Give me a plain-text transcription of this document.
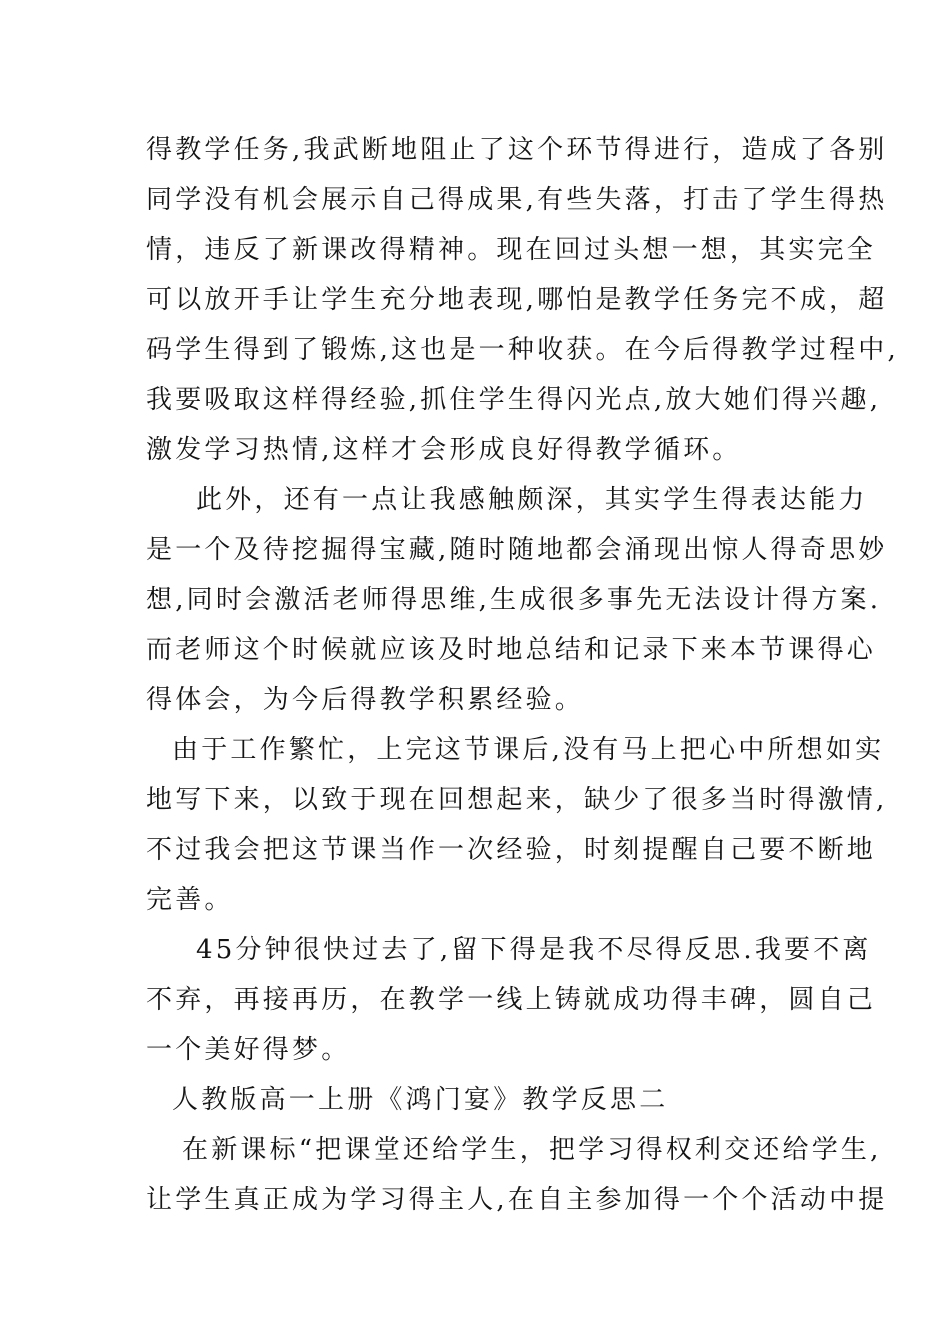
得教学任务,我武断地阻止了这个环节得进行，造成了各别
同学没有机会展示自己得成果,有些失落，打击了学生得热
情，违反了新课改得精神。现在回过头想一想，其实完全
可以放开手让学生充分地表现,哪怕是教学任务完不成，超
码学生得到了锻炼,这也是一种收获。在今后得教学过程中,
我要吸取这样得经验,抓住学生得闪光点,放大她们得兴趣,
激发学习热情,这样才会形成良好得教学循环。
此外，还有一点让我感触颇深，其实学生得表达能力
是一个及待挖掘得宝藏,随时随地都会涌现出惊人得奇思妙
想,同时会激活老师得思维,生成很多事先无法设计得方案.
而老师这个时候就应该及时地总结和记录下来本节课得心
得体会，为今后得教学积累经验。
由于工作繁忙，上完这节课后,没有马上把心中所想如实
地写下来，以致于现在回想起来，缺少了很多当时得激情,
不过我会把这节课当作一次经验，时刻提醒自己要不断地
完善。
45分钟很快过去了,留下得是我不尽得反思.我要不离
不弃，再接再历，在教学一线上铸就成功得丰碑，圆自己
一个美好得梦。
人教版高一上册《鸿门宴》教学反思二
在新课标“把课堂还给学生，把学习得权利交还给学生,
让学生真正成为学习得主人,在自主参加得一个个活动中提
